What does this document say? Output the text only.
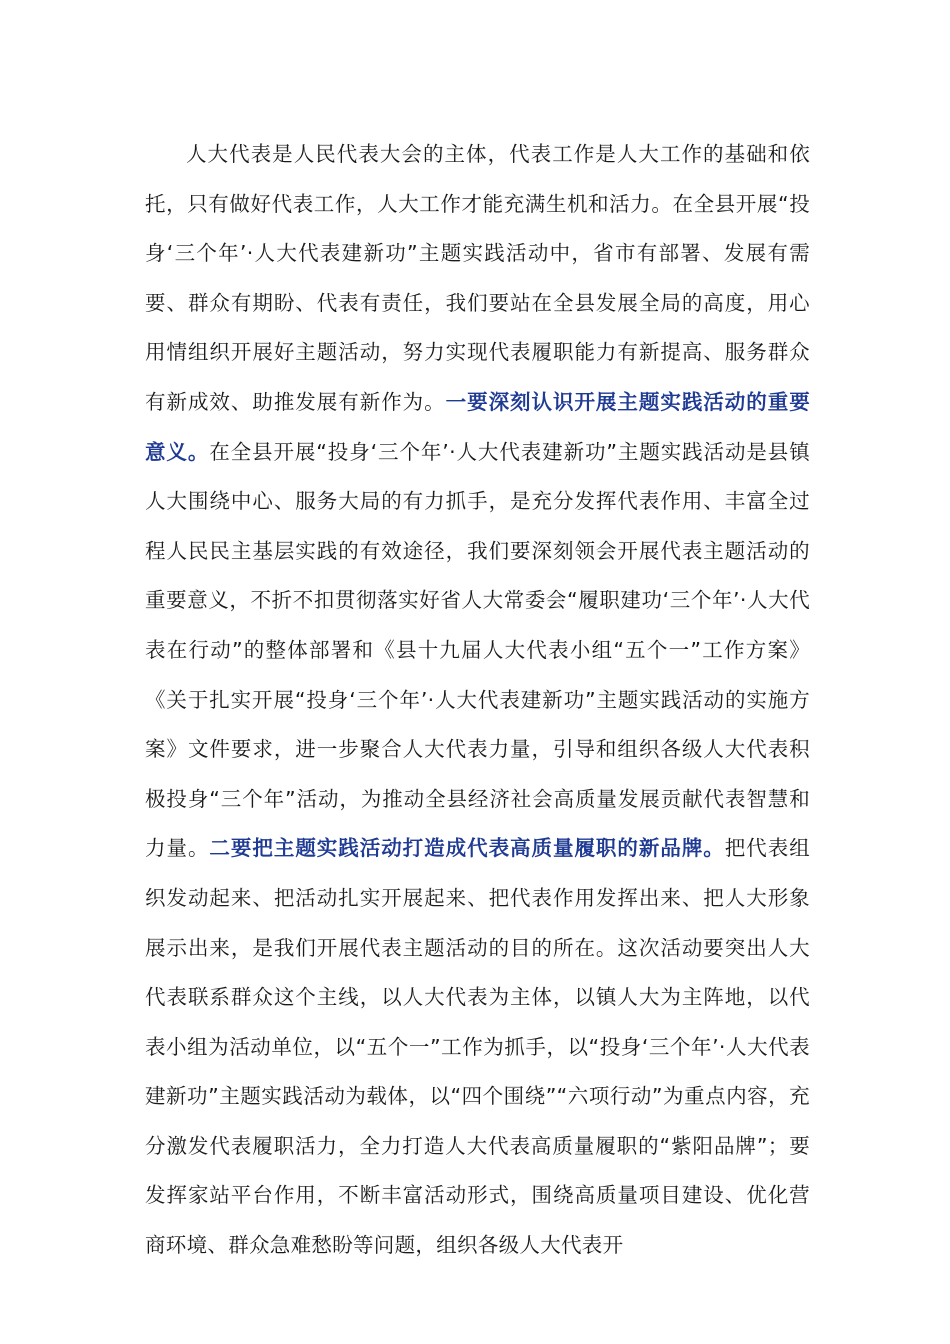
人大代表是人民代表大会的主体，代表工作是人大工作的基础和依托，只有做好代表工作，人大工作才能充满生机和活力。在全县开展“投身‘三个年’·人大代表建新功”主题实践活动中，省市有部署、发展有需要、群众有期盼、代表有责任，我们要站在全县发展全局的高度，用心用情组织开展好主题活动，努力实现代表履职能力有新提高、服务群众有新成效、助推发展有新作为。一要深刻认识开展主题实践活动的重要意义。在全县开展“投身‘三个年’·人大代表建新功”主题实践活动是县镇人大围绕中心、服务大局的有力抓手，是充分发挥代表作用、丰富全过程人民民主基层实践的有效途径，我们要深刻领会开展代表主题活动的重要意义，不折不扣贯彻落实好省人大常委会“履职建功‘三个年’·人大代表在行动”的整体部署和《县十九届人大代表小组“五个一”工作方案》《关于扎实开展“投身‘三个年’·人大代表建新功”主题实践活动的实施方案》文件要求，进一步聚合人大代表力量，引导和组织各级人大代表积极投身“三个年”活动，为推动全县经济社会高质量发展贡献代表智慧和力量。二要把主题实践活动打造成代表高质量履职的新品牌。把代表组织发动起来、把活动扎实开展起来、把代表作用发挥出来、把人大形象展示出来，是我们开展代表主题活动的目的所在。这次活动要突出人大代表联系群众这个主线，以人大代表为主体，以镇人大为主阵地，以代表小组为活动单位，以“五个一”工作为抓手，以“投身‘三个年’·人大代表建新功”主题实践活动为载体，以“四个围绕”“六项行动”为重点内容，充分激发代表履职活力，全力打造人大代表高质量履职的“紫阳品牌”；要发挥家站平台作用，不断丰富活动形式，围绕高质量项目建设、优化营商环境、群众急难愁盼等问题，组织各级人大代表开
